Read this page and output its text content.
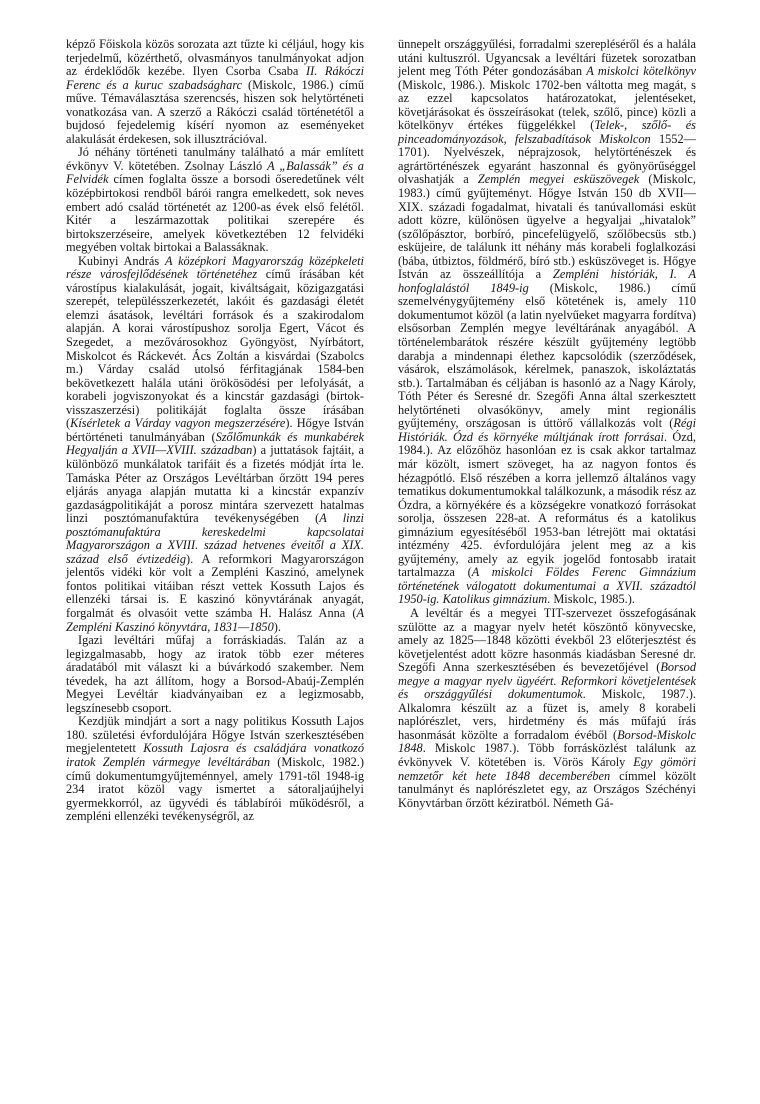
képző Főiskola közös sorozata azt tűzte ki céljául, hogy kis terjedelmű, közérthető, olvasmányos tanulmányokat adjon az érdeklődők kezébe. Ilyen Csorba Csaba II. Rákóczi Ferenc és a kuruc szabadságharc (Miskolc, 1986.) című műve. Témaválasztása szerencsés, hiszen sok helytörténeti vonatkozása van. A szerző a Rákóczi család történetétől a bujdosó fejedelemig kísérí nyomon az eseményeket alakulását érdekesen, sok illusztrációval.

Jó néhány történeti tanulmány található a már említett évkönyv V. kötetében. Zsolnay László A „Balassák” és a Felvidék címen foglalta össze a borsodi őseredetűnek vélt középbirtokosi rendből bárói rangra emelkedett, sok neves embert adó család történetét az 1200-as évek első felétől. Kitér a leszármazottak politikai szerepére és birtokszerzéseire, amelyek következtében 12 felvidéki megyében voltak birtokai a Balassáknak.

Kubinyi András A középkori Magyarország középkeleti része városfejlődésének történetéhez című írásában két várostípus kialakulását, jogait, kiváltságait, közigazgatási szerepét, településszerkezetét, lakóit és gazdasági életét elemzi ásatások, levéltári források és a szakirodalom alapján. A korai várostípushoz sorolja Egert, Vácot és Szegedet, a mezővárosokhoz Gyöngyöst, Nyírbátort, Miskolcot és Ráckevét. Ács Zoltán a kisvárdai (Szabolcs m.) Várday család utolsó férfitagjának 1584-ben bekövetkezett halála utáni örökösödési per lefolyását, a korabeli jogviszonyokat és a kincstár gazdasági (birtok-visszaszerzési) politikáját foglalta össze írásában (Kísérletek a Várday vagyon megszerzésére). Hőgye István bértörténeti tanulmányában (Szőlőmunkák és munkabérek Hegyalján a XVII—XVIII. században) a juttatások fajtáit, a különböző munkálatok tarifáit és a fizetés módját írta le. Tamáska Péter az Országos Levéltárban őrzött 194 peres eljárás anyaga alapján mutatta ki a kincstár expanzív gazdaságpolitikáját a porosz mintára szervezett hatalmas linzi posztómanufaktúra tevékenységében (A linzi posztómanufaktúra kereskedelmi kapcsolatai Magyarországon a XVIII. század hetvenes éveitől a XIX. század első évtizedéig). A reformkori Magyarországon jelentős vidéki kör volt a Zempléni Kaszinó, amelynek fontos politikai vitáiban részt vettek Kossuth Lajos és ellenzéki társai is. E kaszinó könyvtárának anyagát, forgalmát és olvasóit vette számba H. Halász Anna (A Zempléni Kaszinó könyvtára, 1831—1850).

Igazi levéltári műfaj a forráskiadás. Talán az a legizgalmasabb, hogy az iratok több ezer méteres áradatából mit választ ki a búvárkodó szakember. Nem tévedek, ha azt állítom, hogy a Borsod-Abaúj-Zemplén Megyei Levéltár kiadványaiban ez a legizmosabb, legszínesebb csoport.

Kezdjük mindjárt a sort a nagy politikus Kossuth Lajos 180. születési évfordulójára Hőgye István szerkesztésében megjelentetett Kossuth Lajosra és családjára vonatkozó iratok Zemplén vármegye levéltárában (Miskolc, 1982.) című dokumentumgyűjteménnyel, amely 1791-től 1948-ig 234 iratot közöl vagy ismertet a sátoraljaújhelyi gyermekkorról, az ügyvédi és táblabírói működésről, a zempléni ellenzéki tevékenységről, az

ünnepelt országgyűlési, forradalmi szerepléséről és a halála utáni kultuszról. Ugyancsak a levéltári füzetek sorozatban jelent meg Tóth Péter gondozásában A miskolci kötelkönyv (Miskolc, 1986.). Miskolc 1702-ben váltotta meg magát, s az ezzel kapcsolatos határozatokat, jelentéseket, követjárásokat és összeírásokat (telek, szőlő, pince) közli a kötelkönyv értékes függelékkel (Telek-, szőlő- és pinceadományozások, felszabadítások Miskolcon 1552—1701). Nyelvészek, néprajzosok, helytörténészek és agrártörténészek egyaránt haszonnal és gyönyörűséggel olvashatják a Zemplén megyei esküszövegek (Miskolc, 1983.) című gyűjteményt. Hőgye István 150 db XVII—XIX. századi fogadalmat, hivatali és tanúvallomási esküt adott közre, különösen ügyelve a hegyaljai „hivatalok” (szőlőpásztor, borbíró, pincefelügyelő, szőlőbecsüs stb.) esküjeire, de találunk itt néhány más korabeli foglalkozási (bába, útbiztos, földmérő, bíró stb.) esküszöveget is. Hőgye István az összeállítója a Zempléni históriák, I. A honfoglalástól 1849-ig (Miskolc, 1986.) című szemelvénygyűjtemény első kötetének is, amely 110 dokumentumot közöl (a latin nyelvűeket magyarra fordítva) elsősorban Zemplén megye levéltárának anyagából. A történelembarátok részére készült gyűjtemény legtöbb darabja a mindennapi élethez kapcsolódik (szerződések, vásárok, elszámolások, kérelmek, panaszok, iskoláztatás stb.). Tartalmában és céljában is hasonló az a Nagy Károly, Tóth Péter és Seresné dr. Szegőfi Anna által szerkesztett helytörténeti olvasókönyv, amely mint regionális gyűjtemény, országosan is úttörő vállalkozás volt (Régi Históriák. Ózd és környéke múltjának írott forrásai. Ózd, 1984.). Az előzőhöz hasonlóan ez is csak akkor tartalmaz már közölt, ismert szöveget, ha az nagyon fontos és hézagpótló. Első részében a korra jellemző általános vagy tematikus dokumentumokkal találkozunk, a második rész az Ózdra, a környékére és a községekre vonatkozó forrásokat sorolja, összesen 228-at. A református és a katolikus gimnázium egyesítéséből 1953-ban létrejött mai oktatási intézmény 425. évfordulójára jelent meg az a kis gyűjtemény, amely az egyik jogelőd fontosabb iratait tartalmazza (A miskolci Földes Ferenc Gimnázium történetének válogatott dokumentumai a XVII. századtól 1950-ig. Katolikus gimnázium. Miskolc, 1985.).

A levéltár és a megyei TIT-szervezet összefogásának szülötte az a magyar nyelv hetét köszöntő könyvecske, amely az 1825—1848 közötti évekből 23 előterjesztést és követjelentést adott közre hasonmás kiadásban Seresné dr. Szegőfi Anna szerkesztésében és bevezetőjével (Borsod megye a magyar nyelv ügyéért. Reformkori követjelentések és országgyűlési dokumentumok. Miskolc, 1987.). Alkalomra készült az a füzet is, amely 8 korabeli naplórészlet, vers, hirdetmény és más műfajú írás hasonmását közölte a forradalom évéből (Borsod-Miskolc 1848. Miskolc 1987.). Több forrásközlést találunk az évkönyvek V. kötetében is. Vörös Károly Egy gömöri nemzetőr két hete 1848 decemberében címmel közölt tanulmányt és naplórészletet egy, az Országos Széchényi Könyvtárban őrzött kéziratból. Németh Gá-
